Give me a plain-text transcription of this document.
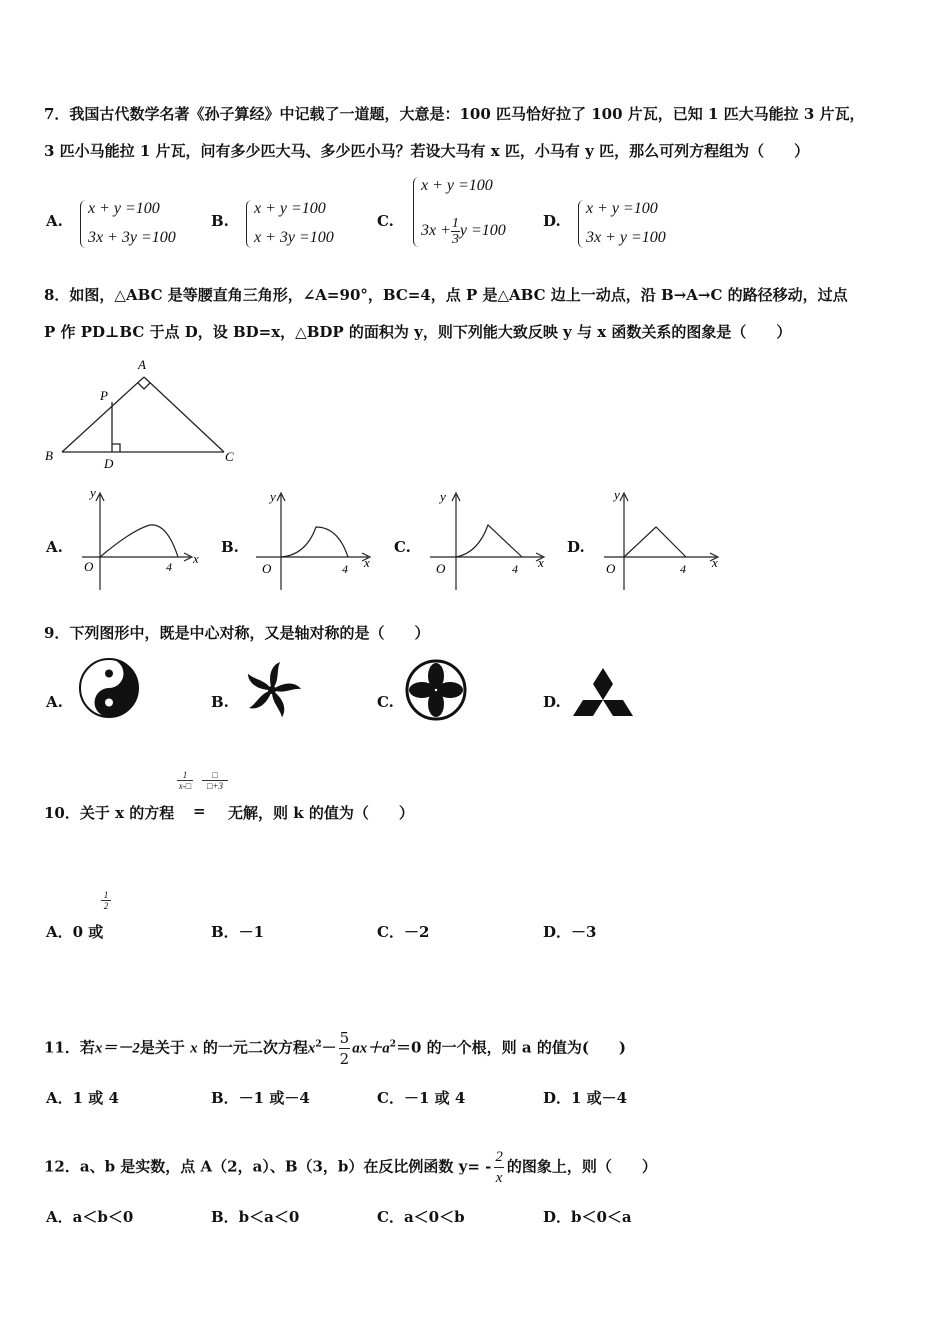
7．我国古代数学名著《孙子算经》中记载了一道题，大意是：100 匹马恰好拉了 100 片瓦，已知 1 匹大马能拉 3 片瓦，
3 匹小马能拉 1 片瓦，问有多少匹大马、多少匹小马？若设大马有 x 匹，小马有 y 匹，那么可列方程组为（　　）
A.
x + y =100
3x + 3y =100
B.
x + y =100
x + 3y =100
C.
x + y =100
$3x + \frac{1}{3}$ y =100
D.
x + y =100
3x + y =100
8．如图，△ABC 是等腰直角三角形，∠A=90°，BC=4，点 P 是△ABC 边上一动点，沿 B→A→C 的路径移动，过点
P 作 PD⊥BC 于点 D，设 BD=x，△BDP 的面积为 y，则下列能大致反映 y 与 x 函数关系的图象是（　　）
A
P
B
D	C
A.
y
x
O	4
B.
y
x
O	4
C.
y
x
O	4
D.
y
x
O	4
9．下列图形中，既是中心对称，又是轴对称的是（　　）
A.	B.	C.	D.
10．关于 x 的方程
1
x-□
=
□
□+3
无解，则 k 的值为（　　）
A．0 或
1
2
B．－1	C．－2	D．－3
11．若x＝－2是关于 x 的一元二次方程$x^2- \frac{5}{2} ax+a^2=0$ 的一个根，则 a 的值为(　　)
A．1 或 4	B．－1 或－4	C．－1 或 4	D．1 或－4
12．a、b 是实数，点 A（2，a）、B（3，b）在反比例函数 $y= - \frac{2}{x}$ 的图象上，则（　　）
A．a＜b＜0	B．b＜a＜0	C．a＜0＜b	D．b＜0＜a
